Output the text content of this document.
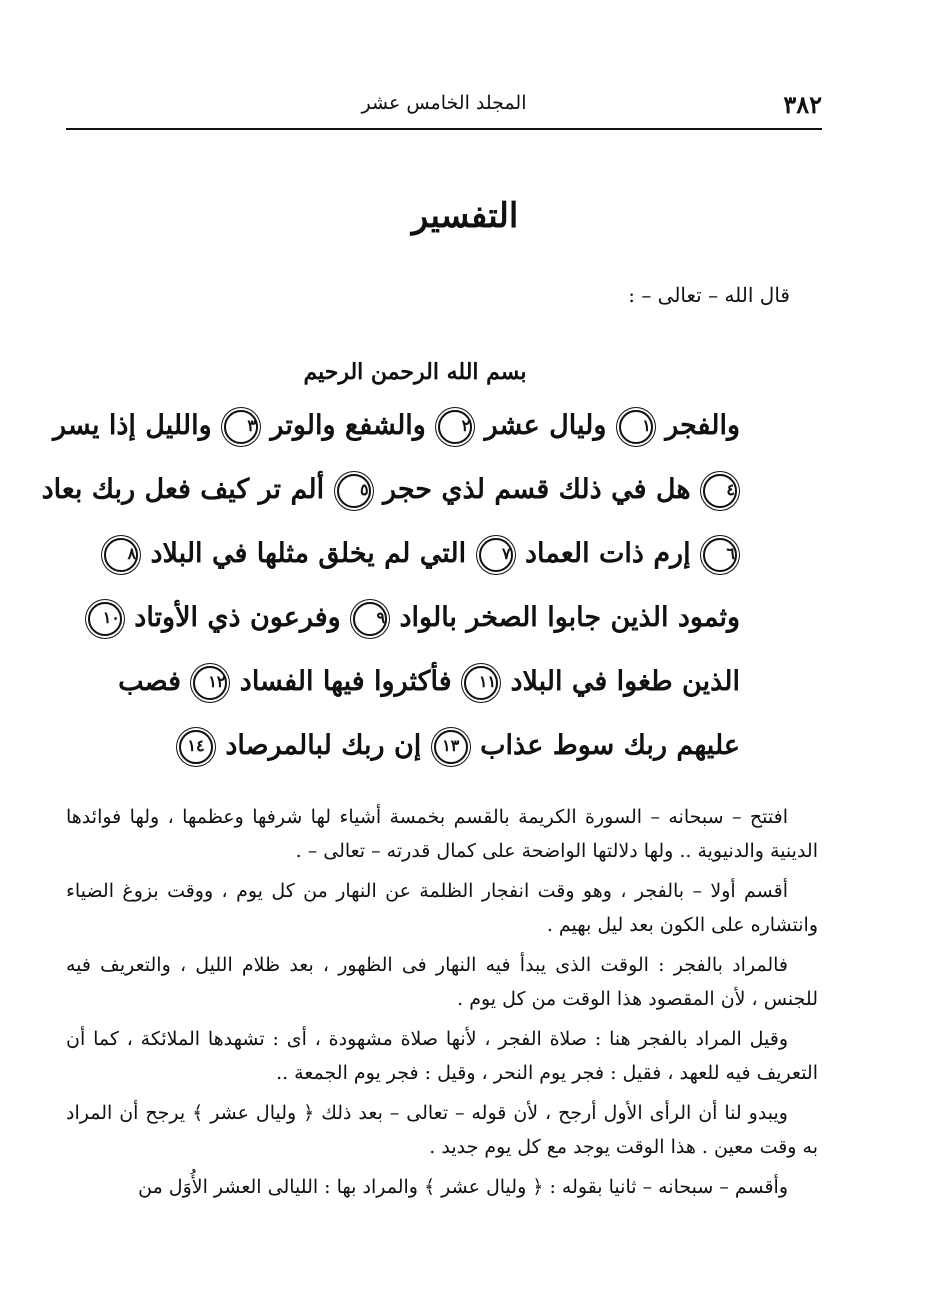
٣٨٢
المجلد الخامس عشر
التفسير
قال الله – تعالى – :
بسم الله الرحمن الرحيم
والفجر ١ وليال عشر ٢ والشفع والوتر ٣ والليل إذا يسر
٤ هل في ذلك قسم لذي حجر ٥ ألم تر كيف فعل ربك بعاد
٦ إرم ذات العماد ٧ التي لم يخلق مثلها في البلاد ٨
وثمود الذين جابوا الصخر بالواد ٩ وفرعون ذي الأوتاد ١٠
الذين طغوا في البلاد ١١ فأكثروا فيها الفساد ١٢ فصب
عليهم ربك سوط عذاب ١٣ إن ربك لبالمرصاد ١٤

افتتح – سبحانه – السورة الكريمة بالقسم بخمسة أشياء لها شرفها وعظمها ، ولها فوائدها الدينية والدنيوية .. ولها دلالتها الواضحة على كمال قدرته – تعالى – .

أقسم أولا – بالفجر ، وهو وقت انفجار الظلمة عن النهار من كل يوم ، ووقت بزوغ الضياء وانتشاره على الكون بعد ليل بهيم .

فالمراد بالفجر : الوقت الذى يبدأ فيه النهار فى الظهور ، بعد ظلام الليل ، والتعريف فيه للجنس ، لأن المقصود هذا الوقت من كل يوم .

وقيل المراد بالفجر هنا : صلاة الفجر ، لأنها صلاة مشهودة ، أى : تشهدها الملائكة ، كما أن التعريف فيه للعهد ، فقيل : فجر يوم النحر ، وقيل : فجر يوم الجمعة ..

ويبدو لنا أن الرأى الأول أرجح ، لأن قوله – تعالى – بعد ذلك ﴿ وليال عشر ﴾ يرجح أن المراد به وقت معين . هذا الوقت يوجد مع كل يوم جديد .

وأقسم – سبحانه – ثانيا بقوله : ﴿ وليال عشر ﴾ والمراد بها : الليالى العشر الأُوَل من
